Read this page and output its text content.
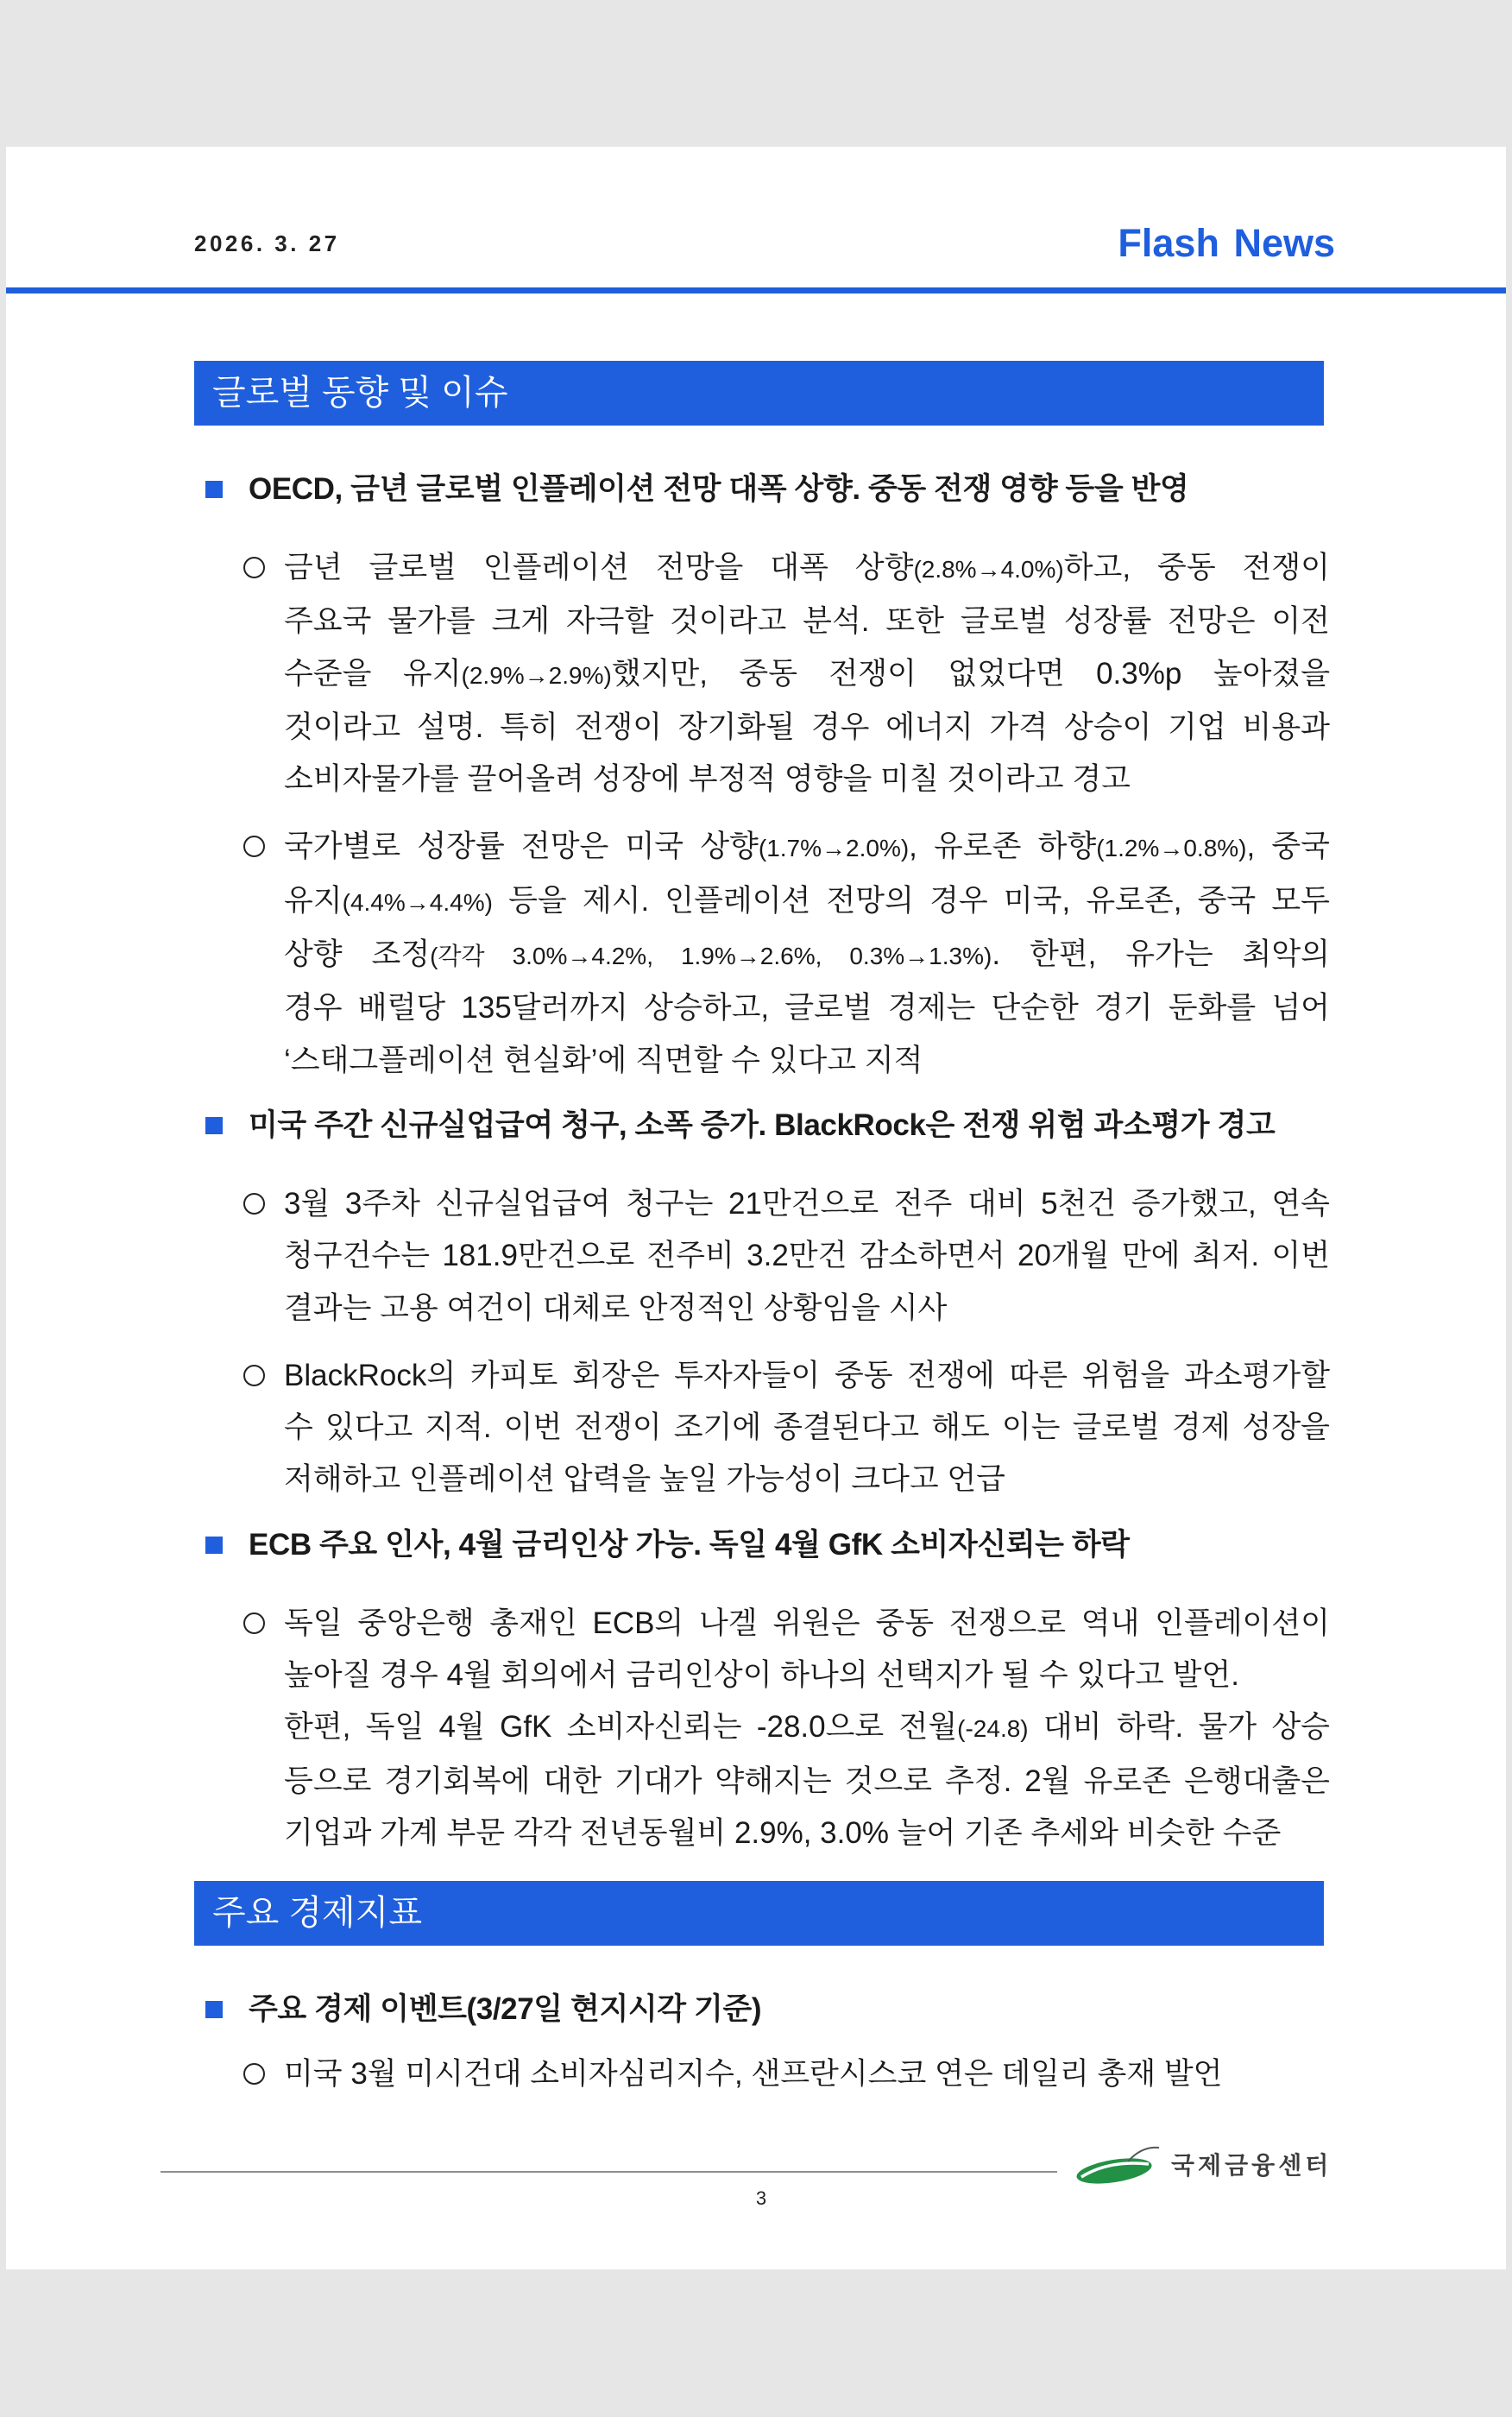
2026. 3. 27	Flash News
글로벌 동향 및 이슈
OECD, 금년 글로벌 인플레이션 전망 대폭 상향. 중동 전쟁 영향 등을 반영
금년 글로벌 인플레이션 전망을 대폭 상향(2.8%→4.0%)하고, 중동 전쟁이
주요국 물가를 크게 자극할 것이라고 분석. 또한 글로벌 성장률 전망은 이전
수준을 유지(2.9%→2.9%)했지만, 중동 전쟁이 없었다면 0.3%p 높아졌을
것이라고 설명. 특히 전쟁이 장기화될 경우 에너지 가격 상승이 기업 비용과
소비자물가를 끌어올려 성장에 부정적 영향을 미칠 것이라고 경고
국가별로 성장률 전망은 미국 상향(1.7%→2.0%), 유로존 하향(1.2%→0.8%), 중국
유지(4.4%→4.4%) 등을 제시. 인플레이션 전망의 경우 미국, 유로존, 중국 모두
상향 조정(각각 3.0%→4.2%, 1.9%→2.6%, 0.3%→1.3%). 한편, 유가는 최악의
경우 배럴당 135달러까지 상승하고, 글로벌 경제는 단순한 경기 둔화를 넘어
‘스태그플레이션 현실화’에 직면할 수 있다고 지적
미국 주간 신규실업급여 청구, 소폭 증가. BlackRock은 전쟁 위험 과소평가 경고
3월 3주차 신규실업급여 청구는 21만건으로 전주 대비 5천건 증가했고, 연속
청구건수는 181.9만건으로 전주비 3.2만건 감소하면서 20개월 만에 최저. 이번
결과는 고용 여건이 대체로 안정적인 상황임을 시사
BlackRock의 카피토 회장은 투자자들이 중동 전쟁에 따른 위험을 과소평가할
수 있다고 지적. 이번 전쟁이 조기에 종결된다고 해도 이는 글로벌 경제 성장을
저해하고 인플레이션 압력을 높일 가능성이 크다고 언급
ECB 주요 인사, 4월 금리인상 가능. 독일 4월 GfK 소비자신뢰는 하락
독일 중앙은행 총재인 ECB의 나겔 위원은 중동 전쟁으로 역내 인플레이션이
높아질 경우 4월 회의에서 금리인상이 하나의 선택지가 될 수 있다고 발언.
한편, 독일 4월 GfK 소비자신뢰는 -28.0으로 전월(-24.8) 대비 하락. 물가 상승
등으로 경기회복에 대한 기대가 약해지는 것으로 추정. 2월 유로존 은행대출은
기업과 가계 부문 각각 전년동월비 2.9%, 3.0% 늘어 기존 추세와 비슷한 수준
주요 경제지표
주요 경제 이벤트(3/27일 현지시각 기준)
미국 3월 미시건대 소비자심리지수, 샌프란시스코 연은 데일리 총재 발언
3
국제금융센터
